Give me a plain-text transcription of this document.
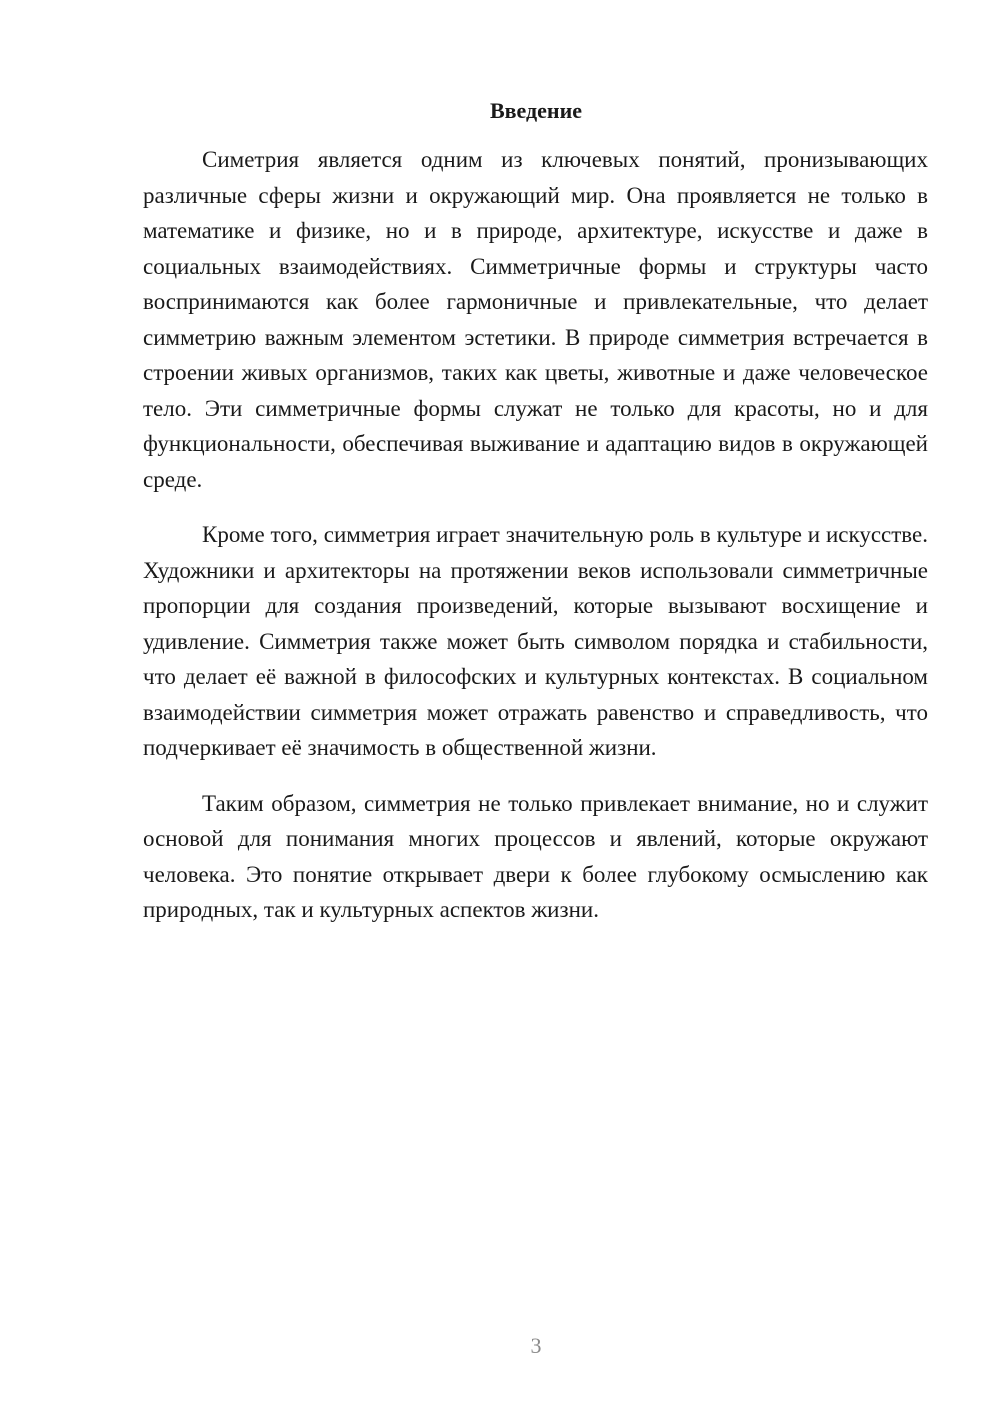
Введение

Симетрия является одним из ключевых понятий, пронизывающих различные сферы жизни и окружающий мир. Она проявляется не только в математике и физике, но и в природе, архитектуре, искусстве и даже в социальных взаимодействиях. Симметричные формы и структуры часто воспринимаются как более гармоничные и привлекательные, что делает симметрию важным элементом эстетики. В природе симметрия встречается в строении живых организмов, таких как цветы, животные и даже человеческое тело. Эти симметричные формы служат не только для красоты, но и для функциональности, обеспечивая выживание и адаптацию видов в окружающей среде.

Кроме того, симметрия играет значительную роль в культуре и искусстве. Художники и архитекторы на протяжении веков использовали симметричные пропорции для создания произведений, которые вызывают восхищение и удивление. Симметрия также может быть символом порядка и стабильности, что делает её важной в философских и культурных контекстах. В социальном взаимодействии симметрия может отражать равенство и справедливость, что подчеркивает её значимость в общественной жизни.

Таким образом, симметрия не только привлекает внимание, но и служит основой для понимания многих процессов и явлений, которые окружают человека. Это понятие открывает двери к более глубокому осмыслению как природных, так и культурных аспектов жизни.

3
